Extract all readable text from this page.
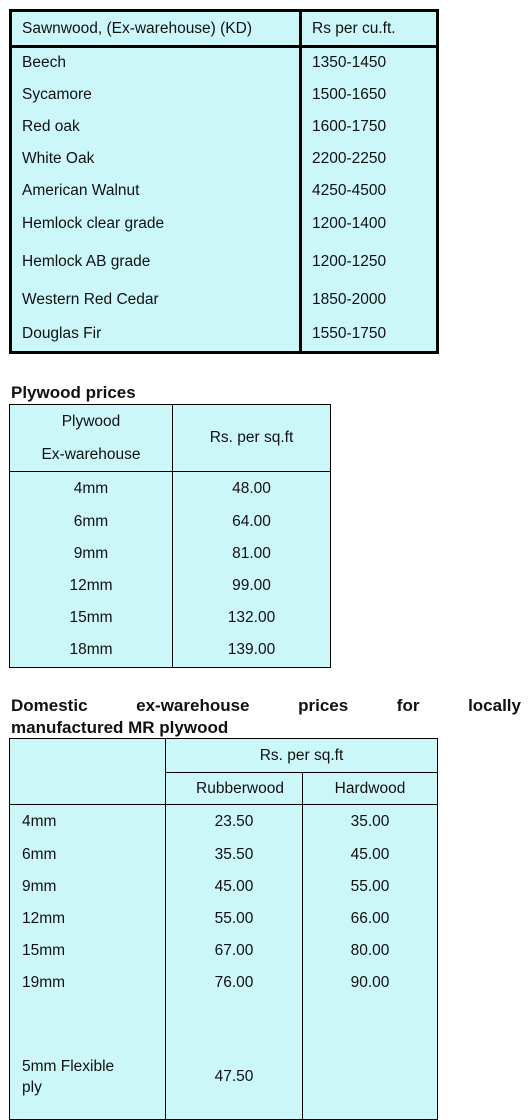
Sawnwood, (Ex-warehouse) (KD)	Rs per cu.ft.
Beech	1350-1450
Sycamore	1500-1650
Red oak	1600-1750
White Oak	2200-2250
American Walnut	4250-4500
Hemlock clear grade	1200-1400
Hemlock AB grade	1200-1250
Western Red Cedar	1850-2000
Douglas Fir	1550-1750
Plywood prices
Plywood
Ex-warehouse	Rs. per sq.ft
4mm	48.00
6mm	64.00
9mm	81.00
12mm	99.00
15mm	132.00
18mm	139.00
Domestic	ex-warehouse	prices	for	locally
manufactured MR plywood
	Rs. per sq.ft	
	Rubberwood	Hardwood
4mm	23.50	35.00
6mm	35.50	45.00
9mm	45.00	55.00
12mm	55.00	66.00
15mm	67.00	80.00
19mm	76.00	90.00

5mm Flexible
ply	47.50	
